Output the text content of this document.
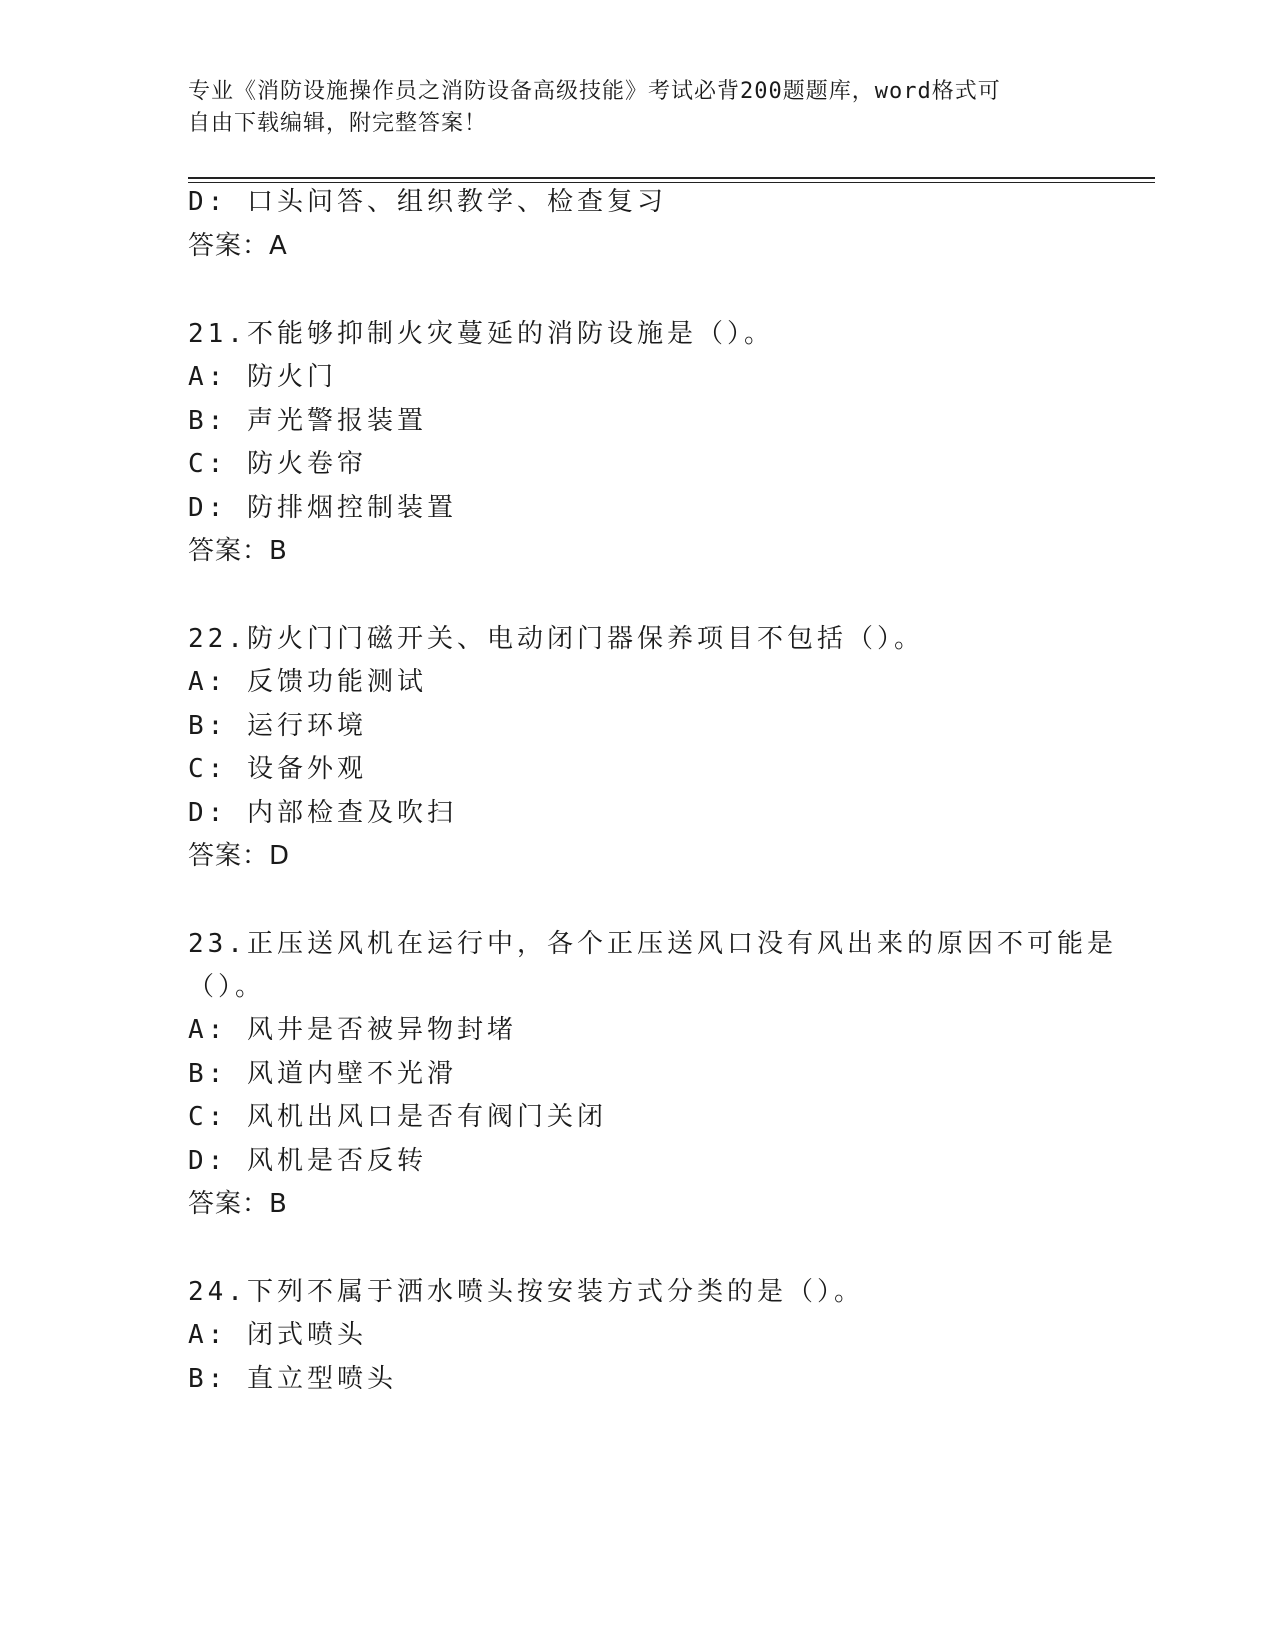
专业《消防设施操作员之消防设备高级技能》考试必背200题题库，word格式可
自由下载编辑，附完整答案！
D: 口头问答、组织教学、检查复习
答案：A
21.不能够抑制火灾蔓延的消防设施是（）。
A: 防火门
B: 声光警报装置
C: 防火卷帘
D: 防排烟控制装置
答案：B
22.防火门门磁开关、电动闭门器保养项目不包括（）。
A: 反馈功能测试
B: 运行环境
C: 设备外观
D: 内部检查及吹扫
答案：D
23.正压送风机在运行中，各个正压送风口没有风出来的原因不可能是
（）。
A: 风井是否被异物封堵
B: 风道内壁不光滑
C: 风机出风口是否有阀门关闭
D: 风机是否反转
答案：B
24.下列不属于洒水喷头按安装方式分类的是（）。
A: 闭式喷头
B: 直立型喷头
